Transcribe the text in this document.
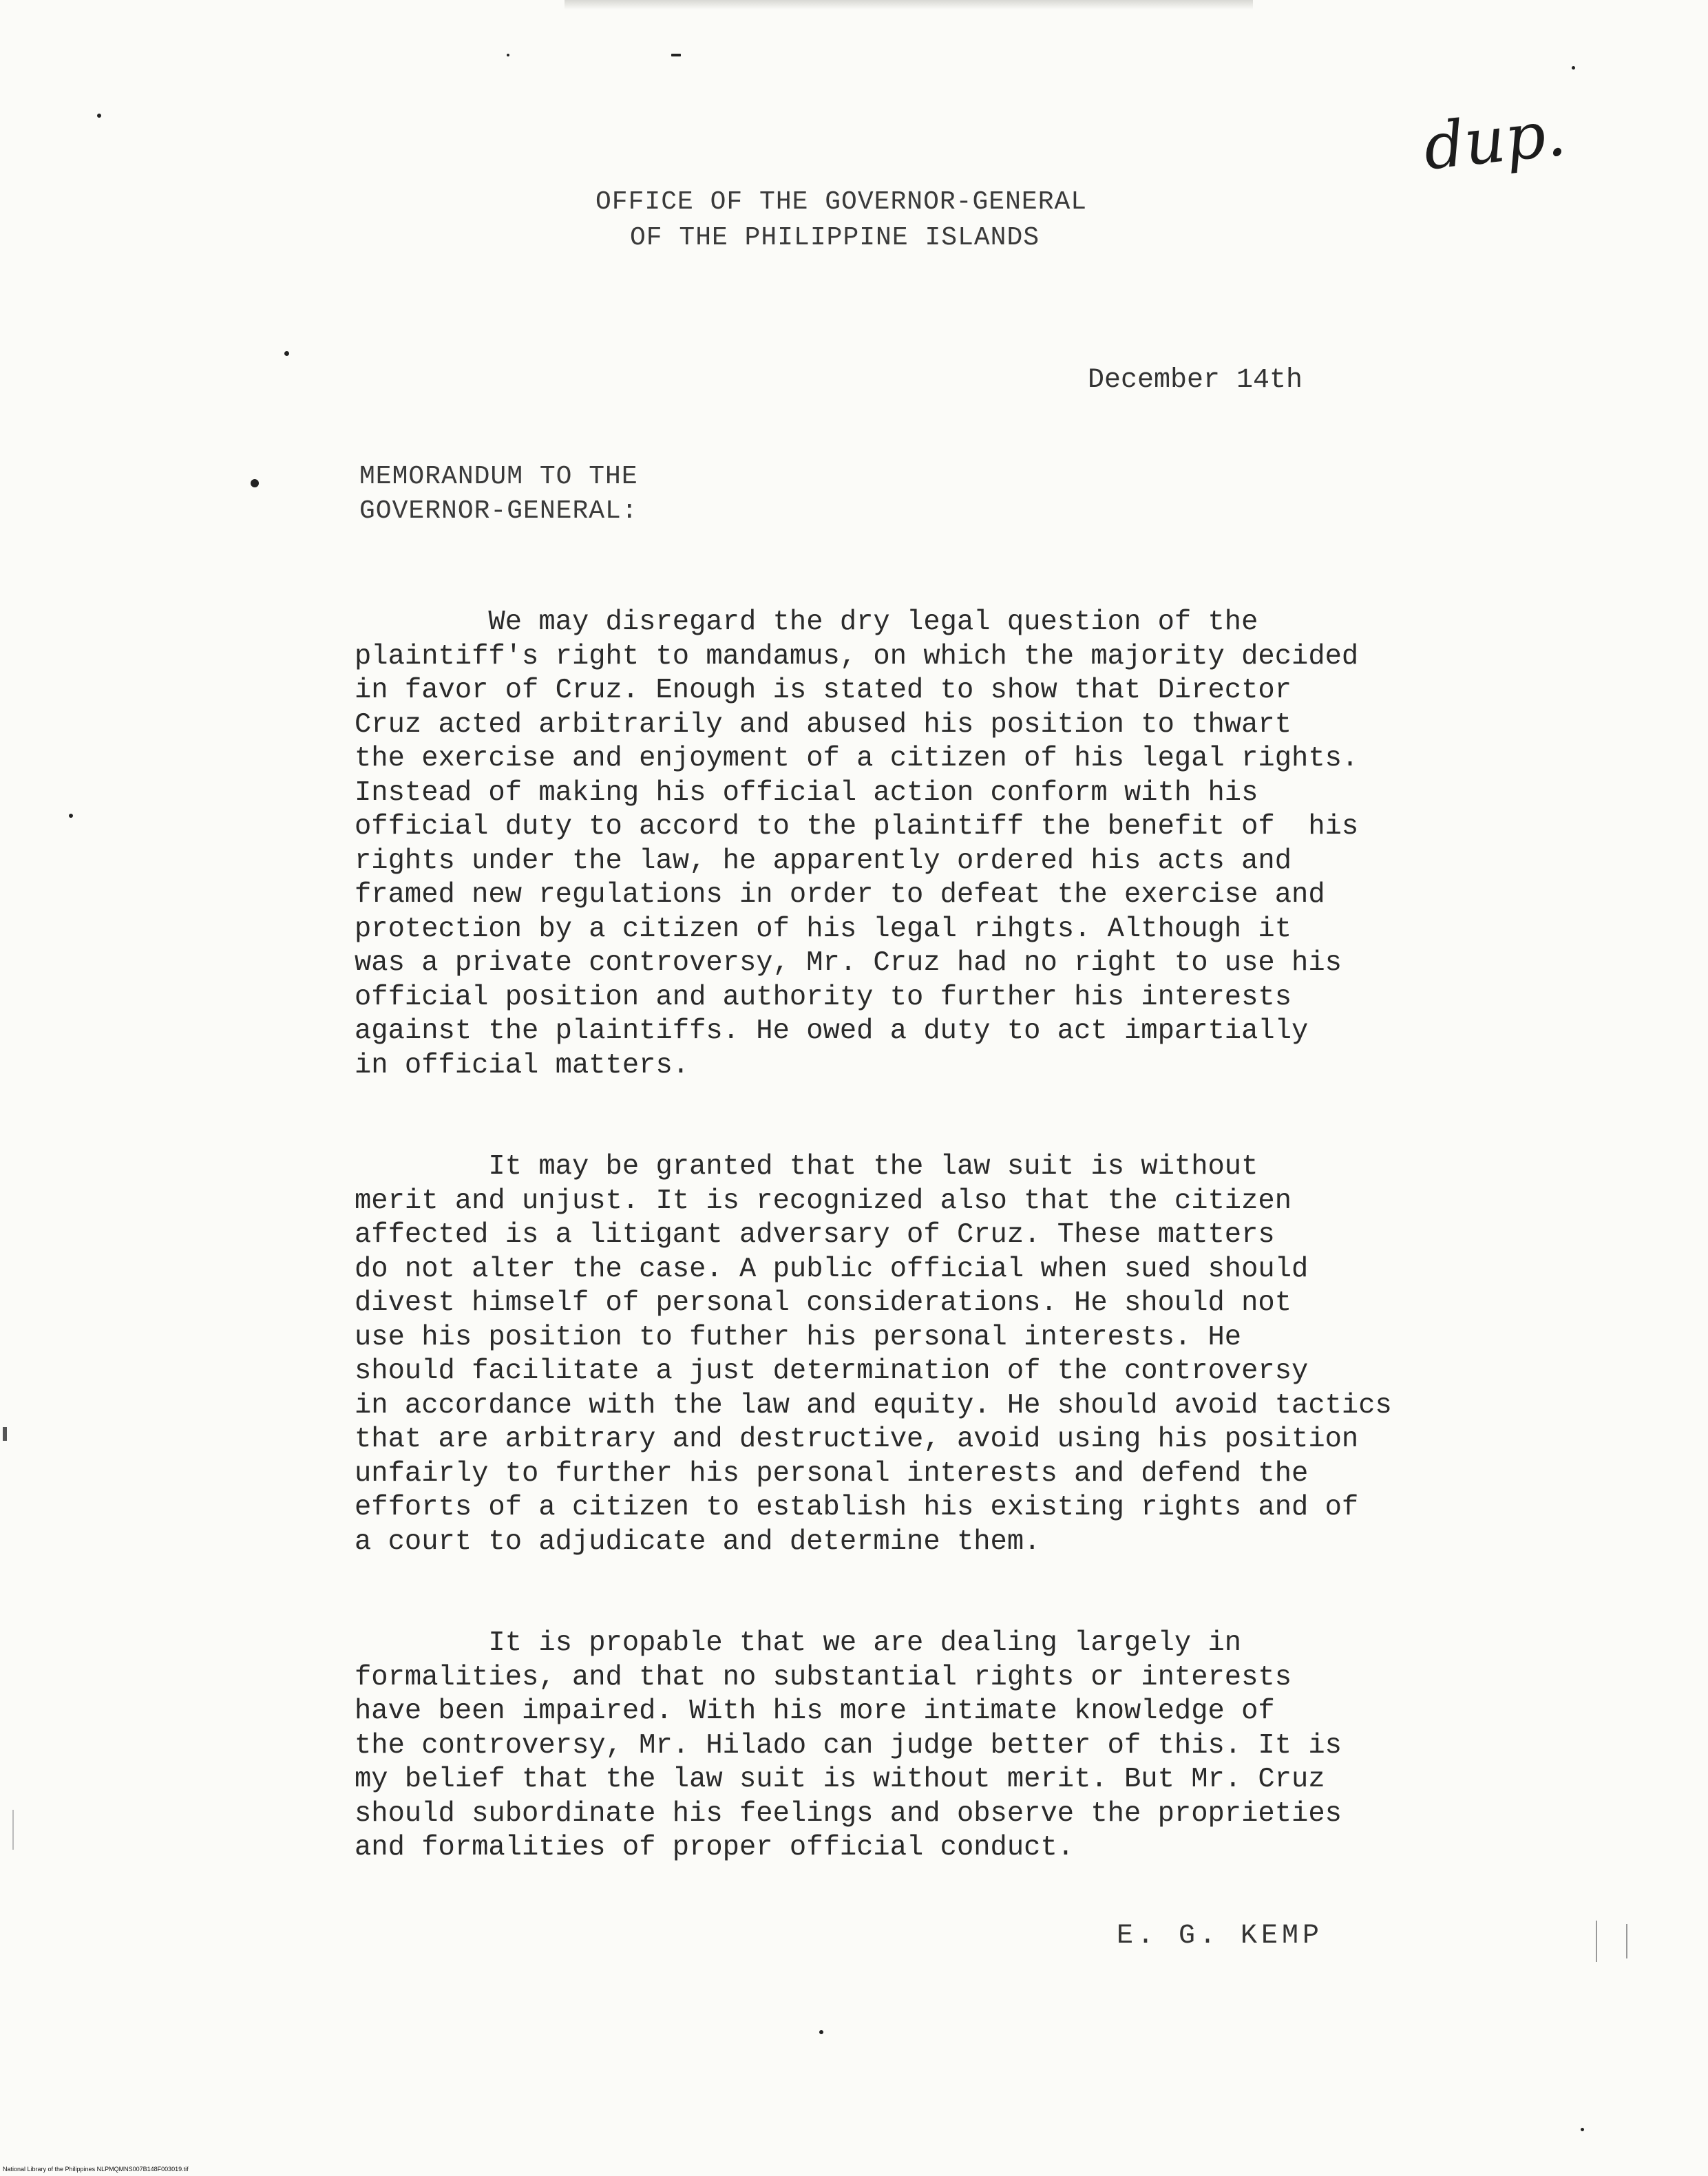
OFFICE OF THE GOVERNOR-GENERAL
OF THE PHILIPPINE ISLANDS
dup.
December 14th
MEMORANDUM TO THE
GOVERNOR-GENERAL:
We may disregard the dry legal question of the
plaintiff's right to mandamus, on which the majority decided
in favor of Cruz. Enough is stated to show that Director
Cruz acted arbitrarily and abused his position to thwart
the exercise and enjoyment of a citizen of his legal rights.
Instead of making his official action conform with his
official duty to accord to the plaintiff the benefit of  his
rights under the law, he apparently ordered his acts and
framed new regulations in order to defeat the exercise and
protection by a citizen of his legal rihgts. Although it
was a private controversy, Mr. Cruz had no right to use his
official position and authority to further his interests
against the plaintiffs. He owed a duty to act impartially
in official matters.
It may be granted that the law suit is without
merit and unjust. It is recognized also that the citizen
affected is a litigant adversary of Cruz. These matters
do not alter the case. A public official when sued should
divest himself of personal considerations. He should not
use his position to futher his personal interests. He
should facilitate a just determination of the controversy
in accordance with the law and equity. He should avoid tactics
that are arbitrary and destructive, avoid using his position
unfairly to further his personal interests and defend the
efforts of a citizen to establish his existing rights and of
a court to adjudicate and determine them.
It is propable that we are dealing largely in
formalities, and that no substantial rights or interests
have been impaired. With his more intimate knowledge of
the controversy, Mr. Hilado can judge better of this. It is
my belief that the law suit is without merit. But Mr. Cruz
should subordinate his feelings and observe the proprieties
and formalities of proper official conduct.
E. G. KEMP
National Library of the Philippines NLPMQMNS007B148F003019.tif
